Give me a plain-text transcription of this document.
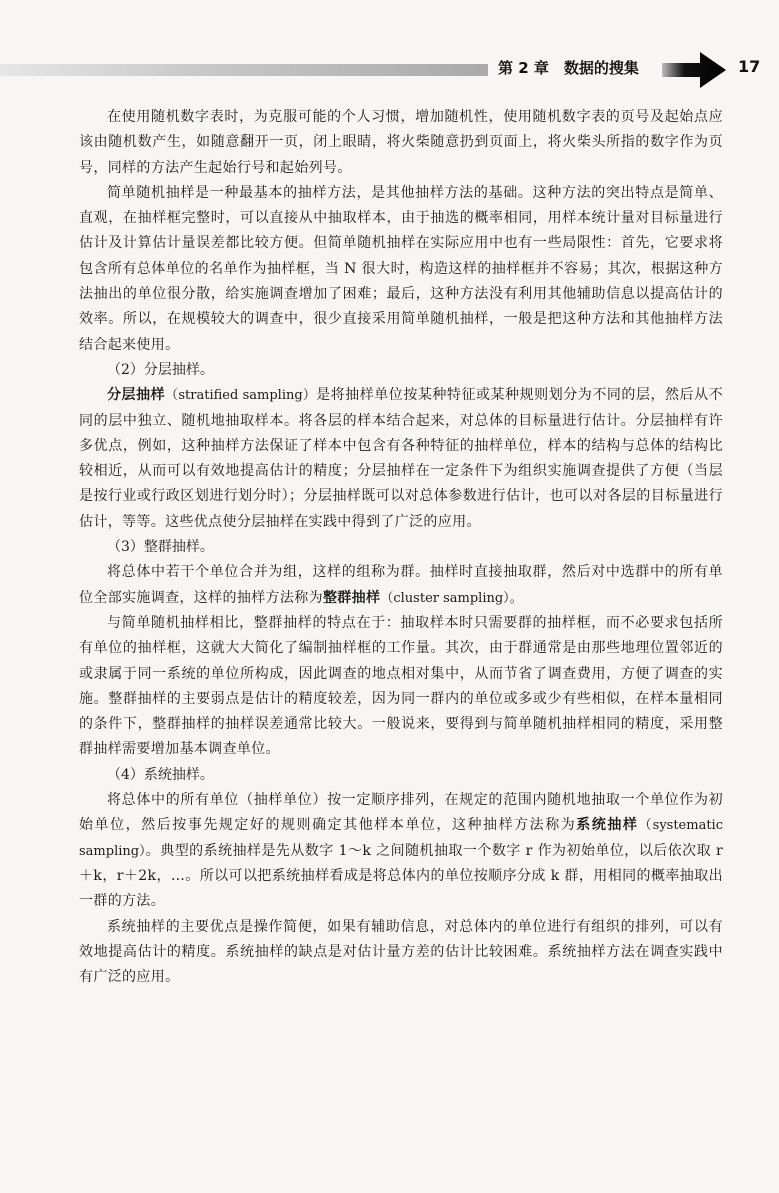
第 2 章　数据的搜集	17

在使用随机数字表时，为克服可能的个人习惯，增加随机性，使用随机数字表的页号及起始点应该由随机数产生，如随意翻开一页，闭上眼睛，将火柴随意扔到页面上，将火柴头所指的数字作为页号，同样的方法产生起始行号和起始列号。

简单随机抽样是一种最基本的抽样方法，是其他抽样方法的基础。这种方法的突出特点是简单、直观，在抽样框完整时，可以直接从中抽取样本，由于抽选的概率相同，用样本统计量对目标量进行估计及计算估计量误差都比较方便。但简单随机抽样在实际应用中也有一些局限性：首先，它要求将包含所有总体单位的名单作为抽样框，当 N 很大时，构造这样的抽样框并不容易；其次，根据这种方法抽出的单位很分散，给实施调查增加了困难；最后，这种方法没有利用其他辅助信息以提高估计的效率。所以，在规模较大的调查中，很少直接采用简单随机抽样，一般是把这种方法和其他抽样方法结合起来使用。

（2）分层抽样。

分层抽样（stratified sampling）是将抽样单位按某种特征或某种规则划分为不同的层，然后从不同的层中独立、随机地抽取样本。将各层的样本结合起来，对总体的目标量进行估计。分层抽样有许多优点，例如，这种抽样方法保证了样本中包含有各种特征的抽样单位，样本的结构与总体的结构比较相近，从而可以有效地提高估计的精度；分层抽样在一定条件下为组织实施调查提供了方便（当层是按行业或行政区划进行划分时）；分层抽样既可以对总体参数进行估计，也可以对各层的目标量进行估计，等等。这些优点使分层抽样在实践中得到了广泛的应用。

（3）整群抽样。

将总体中若干个单位合并为组，这样的组称为群。抽样时直接抽取群，然后对中选群中的所有单位全部实施调查，这样的抽样方法称为整群抽样（cluster sampling）。

与简单随机抽样相比，整群抽样的特点在于：抽取样本时只需要群的抽样框，而不必要求包括所有单位的抽样框，这就大大简化了编制抽样框的工作量。其次，由于群通常是由那些地理位置邻近的或隶属于同一系统的单位所构成，因此调查的地点相对集中，从而节省了调查费用，方便了调查的实施。整群抽样的主要弱点是估计的精度较差，因为同一群内的单位或多或少有些相似，在样本量相同的条件下，整群抽样的抽样误差通常比较大。一般说来，要得到与简单随机抽样相同的精度，采用整群抽样需要增加基本调查单位。

（4）系统抽样。

将总体中的所有单位（抽样单位）按一定顺序排列，在规定的范围内随机地抽取一个单位作为初始单位，然后按事先规定好的规则确定其他样本单位，这种抽样方法称为系统抽样（systematic sampling）。典型的系统抽样是先从数字 1～k 之间随机抽取一个数字 r 作为初始单位，以后依次取 r＋k，r＋2k，…。所以可以把系统抽样看成是将总体内的单位按顺序分成 k 群，用相同的概率抽取出一群的方法。

系统抽样的主要优点是操作简便，如果有辅助信息，对总体内的单位进行有组织的排列，可以有效地提高估计的精度。系统抽样的缺点是对估计量方差的估计比较困难。系统抽样方法在调查实践中有广泛的应用。
